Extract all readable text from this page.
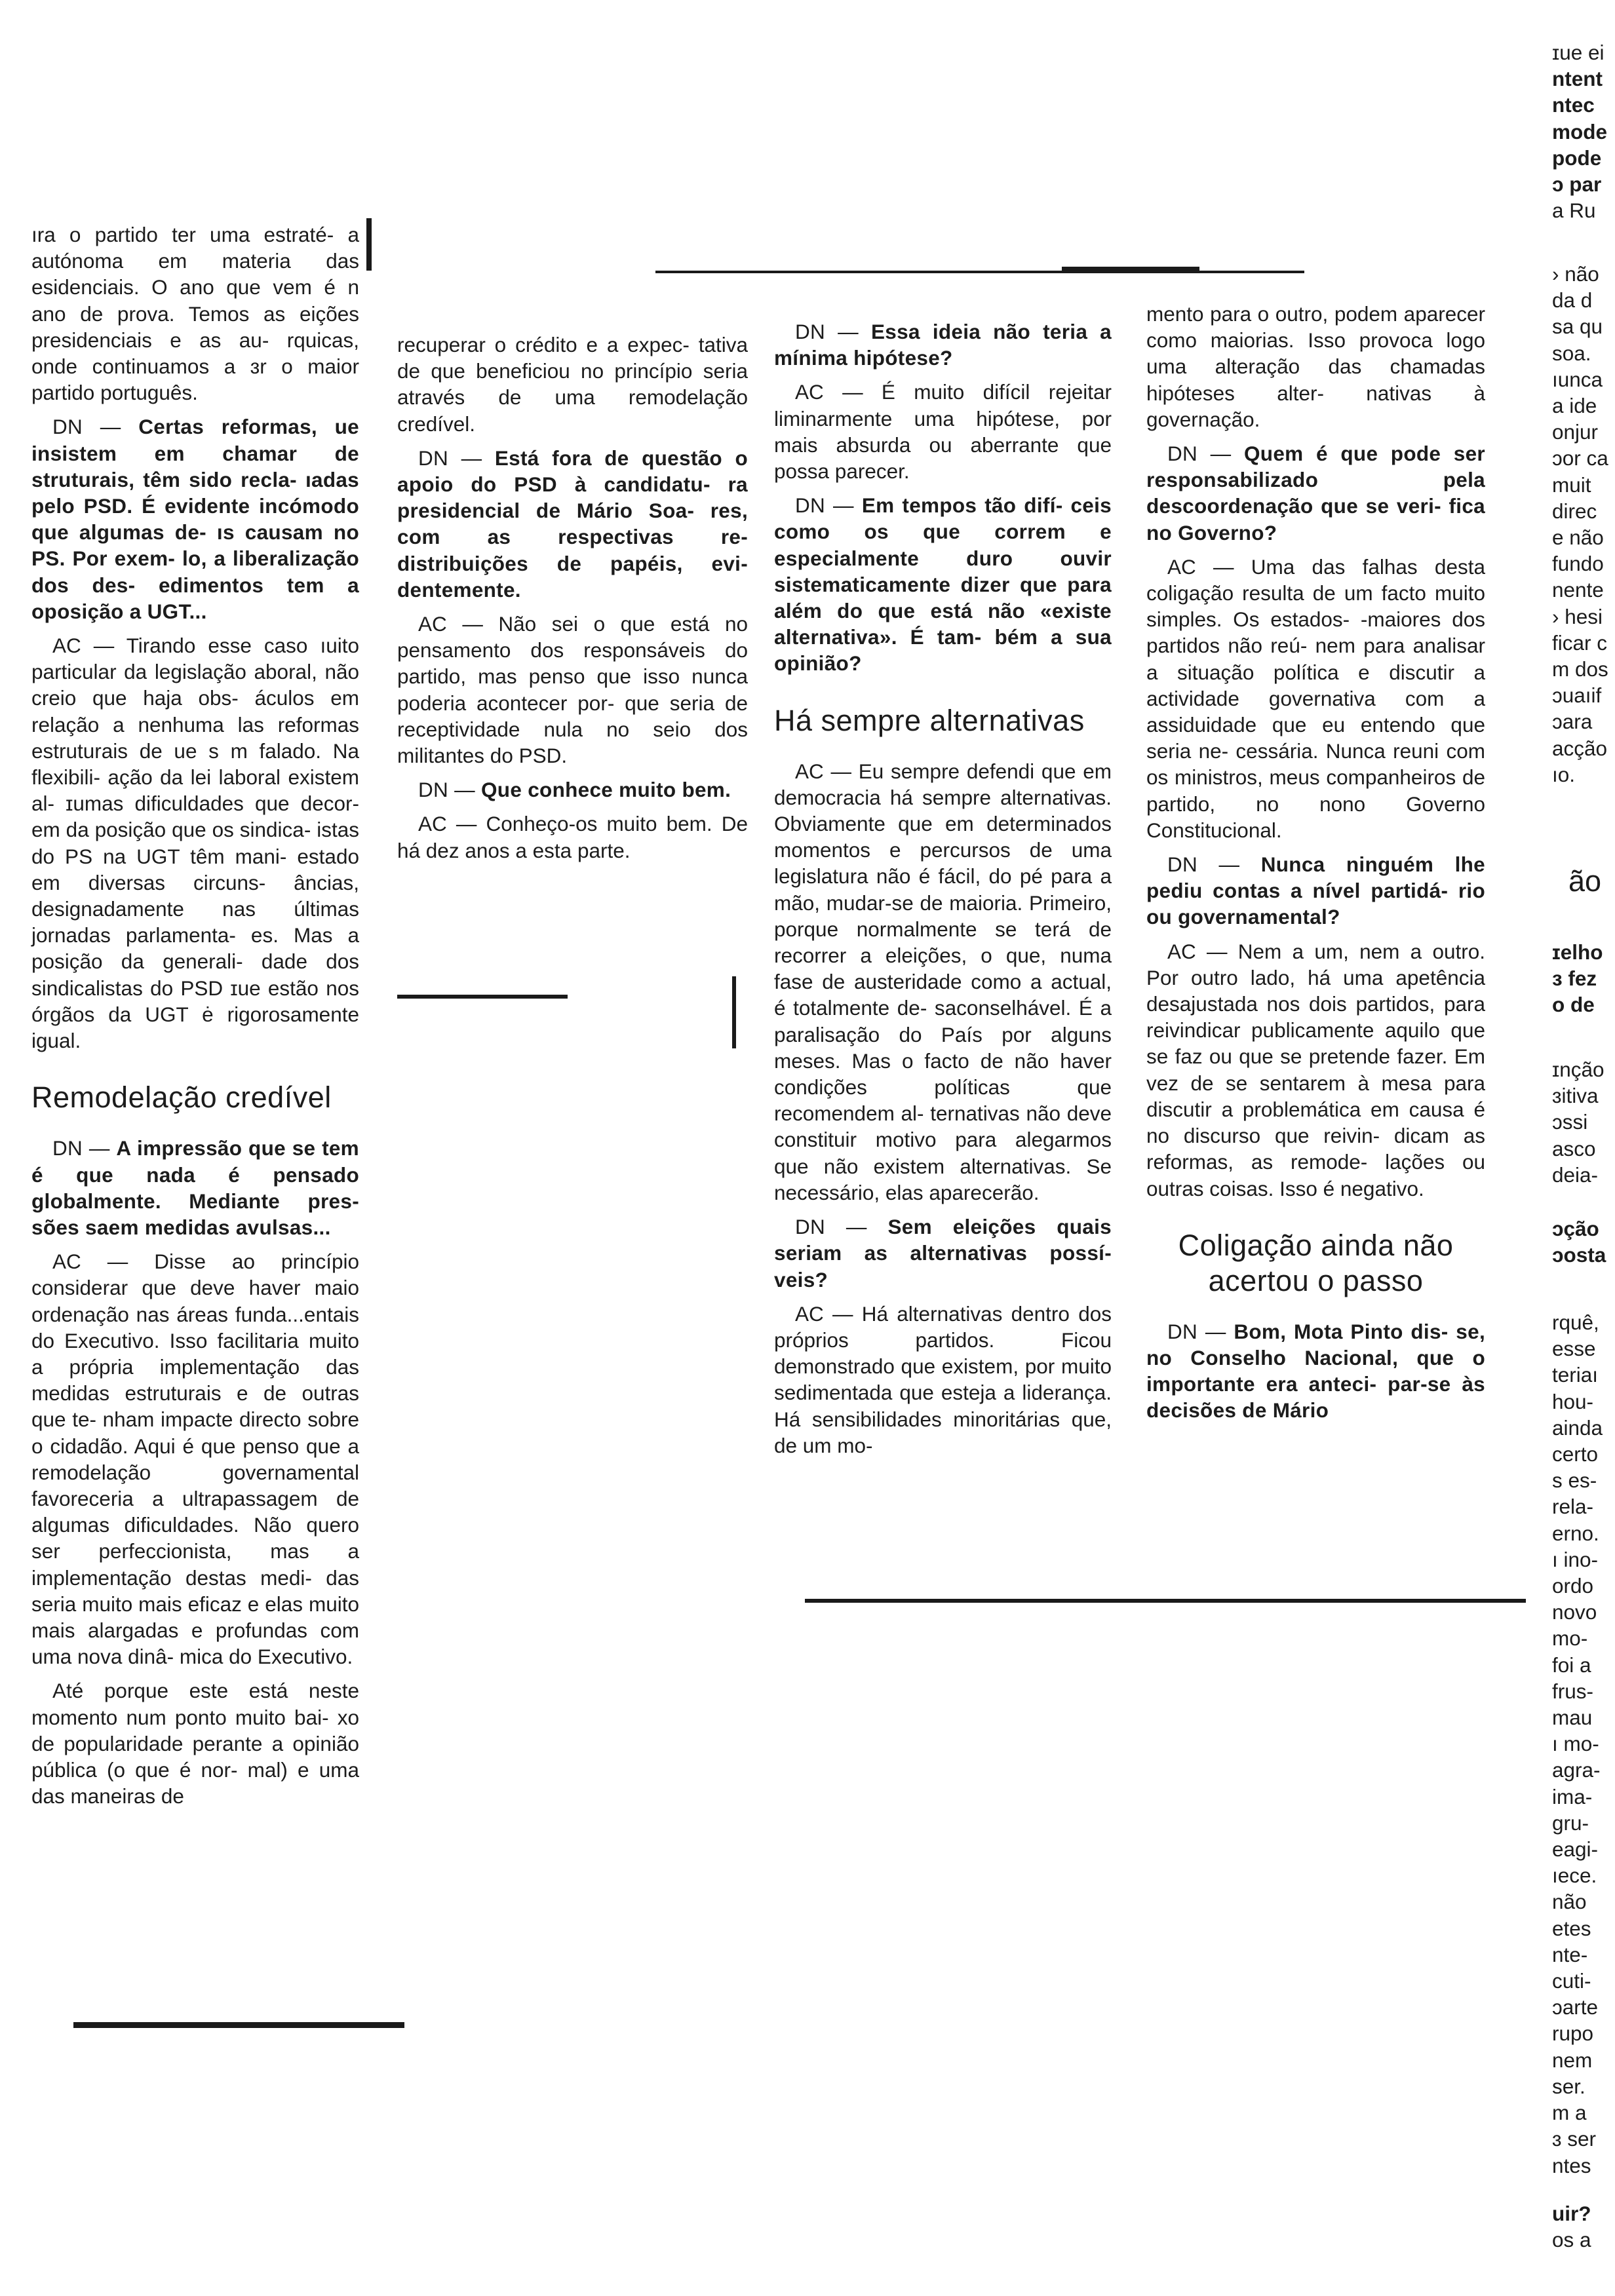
ıra o partido ter uma estraté- a autónoma em materia das esidenciais. O ano que vem é n ano de prova. Temos as eições presidenciais e as au- rquicas, onde continuamos a ɜr o maior partido português.

DN — Certas reformas, ue insistem em chamar de struturais, têm sido recla- ıadas pelo PSD. É evidente incómodo que algumas de- ıs causam no PS. Por exem- lo, a liberalização dos des- edimentos tem a oposição a UGT...

AC — Tirando esse caso ıuito particular da legislação aboral, não creio que haja obs- áculos em relação a nenhuma las reformas estruturais de ue s m falado. Na flexibili- ação da lei laboral existem al- ɪumas dificuldades que decor- em da posição que os sindica- istas do PS na UGT têm mani- estado em diversas circuns- âncias, designadamente nas últimas jornadas parlamenta- es. Mas a posição da generali- dade dos sindicalistas do PSD ɪue estão nos órgãos da UGT ė rigorosamente igual.

Remodelação credível

DN — A impressão que se tem é que nada é pensado globalmente. Mediante pres- sões saem medidas avulsas...

AC — Disse ao princípio considerar que deve haver maio ordenação nas áreas funda...entais do Executivo. Isso facilitaria muito a própria implementação das medidas estruturais e de outras que te- nham impacte directo sobre o cidadão. Aqui é que penso que a remodelação governamental favoreceria a ultrapassagem de algumas dificuldades. Não quero ser perfeccionista, mas a implementação destas medi- das seria muito mais eficaz e elas muito mais alargadas e profundas com uma nova dinâ- mica do Executivo.

Até porque este está neste momento num ponto muito bai- xo de popularidade perante a opinião pública (o que é nor- mal) e uma das maneiras de

recuperar o crédito e a expec- tativa de que beneficiou no princípio seria através de uma remodelação credível.

DN — Está fora de questão o apoio do PSD à candidatu- ra presidencial de Mário Soa- res, com as respectivas re- distribuições de papéis, evi- dentemente.

AC — Não sei o que está no pensamento dos responsáveis do partido, mas penso que isso nunca poderia acontecer por- que seria de receptividade nula no seio dos militantes do PSD.

DN — Que conhece muito bem.

AC — Conheço-os muito bem. De há dez anos a esta parte.

DN — Essa ideia não teria a mínima hipótese?

AC — É muito difícil rejeitar liminarmente uma hipótese, por mais absurda ou aberrante que possa parecer.

DN — Em tempos tão difí- ceis como os que correm e especialmente duro ouvir sistematicamente dizer que para além do que está não «existe alternativa». É tam- bém a sua opinião?

Há sempre alternativas

AC — Eu sempre defendi que em democracia há sempre alternativas. Obviamente que em determinados momentos e percursos de uma legislatura não é fácil, do pé para a mão, mudar-se de maioria. Primeiro, porque normalmente se terá de recorrer a eleições, o que, numa fase de austeridade como a actual, é totalmente de- saconselhável. É a paralisação do País por alguns meses. Mas o facto de não haver condições políticas que recomendem al- ternativas não deve constituir motivo para alegarmos que não existem alternativas. Se necessário, elas aparecerão.

DN — Sem eleições quais seriam as alternativas possí- veis?

AC — Há alternativas dentro dos próprios partidos. Ficou demonstrado que existem, por muito sedimentada que esteja a liderança. Há sensibilidades minoritárias que, de um mo-

mento para o outro, podem aparecer como maiorias. Isso provoca logo uma alteração das chamadas hipóteses alter- nativas à governação.

DN — Quem é que pode ser responsabilizado pela descoordenação que se veri- fica no Governo?

AC — Uma das falhas desta coligação resulta de um facto muito simples. Os estados- -maiores dos partidos não reú- nem para analisar a situação política e discutir a actividade governativa com a assiduidade que eu entendo que seria ne- cessária. Nunca reuni com os ministros, meus companheiros de partido, no nono Governo Constitucional.

DN — Nunca ninguém lhe pediu contas a nível partidá- rio ou governamental?

AC — Nem a um, nem a outro. Por outro lado, há uma apetência desajustada nos dois partidos, para reivindicar publicamente aquilo que se faz ou que se pretende fazer. Em vez de se sentarem à mesa para discutir a problemática em causa é no discurso que reivin- dicam as reformas, as remode- lações ou outras coisas. Isso é negativo.

Coligação ainda não acertou o passo

DN — Bom, Mota Pinto dis- se, no Conselho Nacional, que o importante era anteci- par-se às decisões de Mário

ɪue ei
ntent
ntec
mode
pode
ɔ par
a Ru
› não
da d
sa qu
soa.
ıunca
a ide
onjur
ɔor ca
muit
direc
e não
fundo
nente
› hesi
ficar c
m dos
ɔuaıif
ɔara
acção
ıo.

ão

ɪelho
ɜ fez
o de
ɪnção
ɜitiva
ɔssi
asco
deia-
ɔção
ɔosta
rquê,
esse
teriaı
hou-
ainda
certo
s es-
rela-
erno.
ı ino-
ordo
novo
mo-
foi a
frus-
mau
ı mo-
agra-
ima-
gru-
eagi-
ıece.
não
etes
nte-
cuti-
ɔarte
rupo
nem
ser.
m a
ɜ ser
ntes
uir?
os a
